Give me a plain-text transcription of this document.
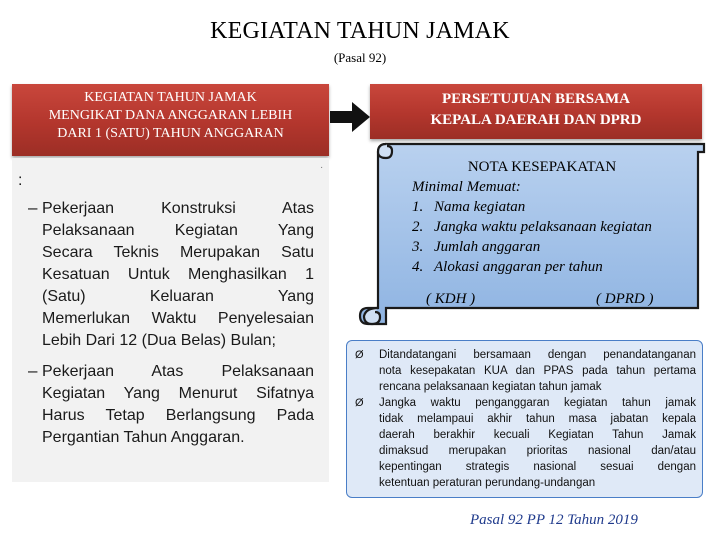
KEGIATAN TAHUN JAMAK
(Pasal 92)
KEGIATAN TAHUN JAMAK
MENGIKAT DANA ANGGARAN LEBIH
DARI 1 (SATU) TAHUN ANGGARAN
.
:
– Pekerjaan Konstruksi Atas
Pelaksanaan Kegiatan Yang
Secara Teknis Merupakan Satu
Kesatuan Untuk Menghasilkan 1
(Satu) Keluaran Yang
Memerlukan Waktu Penyelesaian
Lebih Dari 12 (Dua Belas) Bulan;
– Pekerjaan Atas Pelaksanaan
Kegiatan Yang Menurut Sifatnya
Harus Tetap Berlangsung Pada
Pergantian Tahun Anggaran.
PERSETUJUAN BERSAMA
KEPALA DAERAH DAN DPRD
NOTA KESEPAKATAN
Minimal Memuat:
1. Nama kegiatan
2. Jangka waktu pelaksanaan kegiatan
3. Jumlah anggaran
4. Alokasi anggaran per tahun
( KDH )	( DPRD )
Ø Ditandatangani bersamaan dengan penandatanganan
nota kesepakatan KUA dan PPAS pada tahun pertama
rencana pelaksanaan kegiatan tahun jamak
Ø Jangka waktu penganggaran kegiatan tahun jamak
tidak melampaui akhir tahun masa jabatan kepala
daerah berakhir kecuali Kegiatan Tahun Jamak
dimaksud merupakan prioritas nasional dan/atau
kepentingan strategis nasional sesuai dengan
ketentuan peraturan perundang-undangan
Pasal 92 PP 12 Tahun 2019
